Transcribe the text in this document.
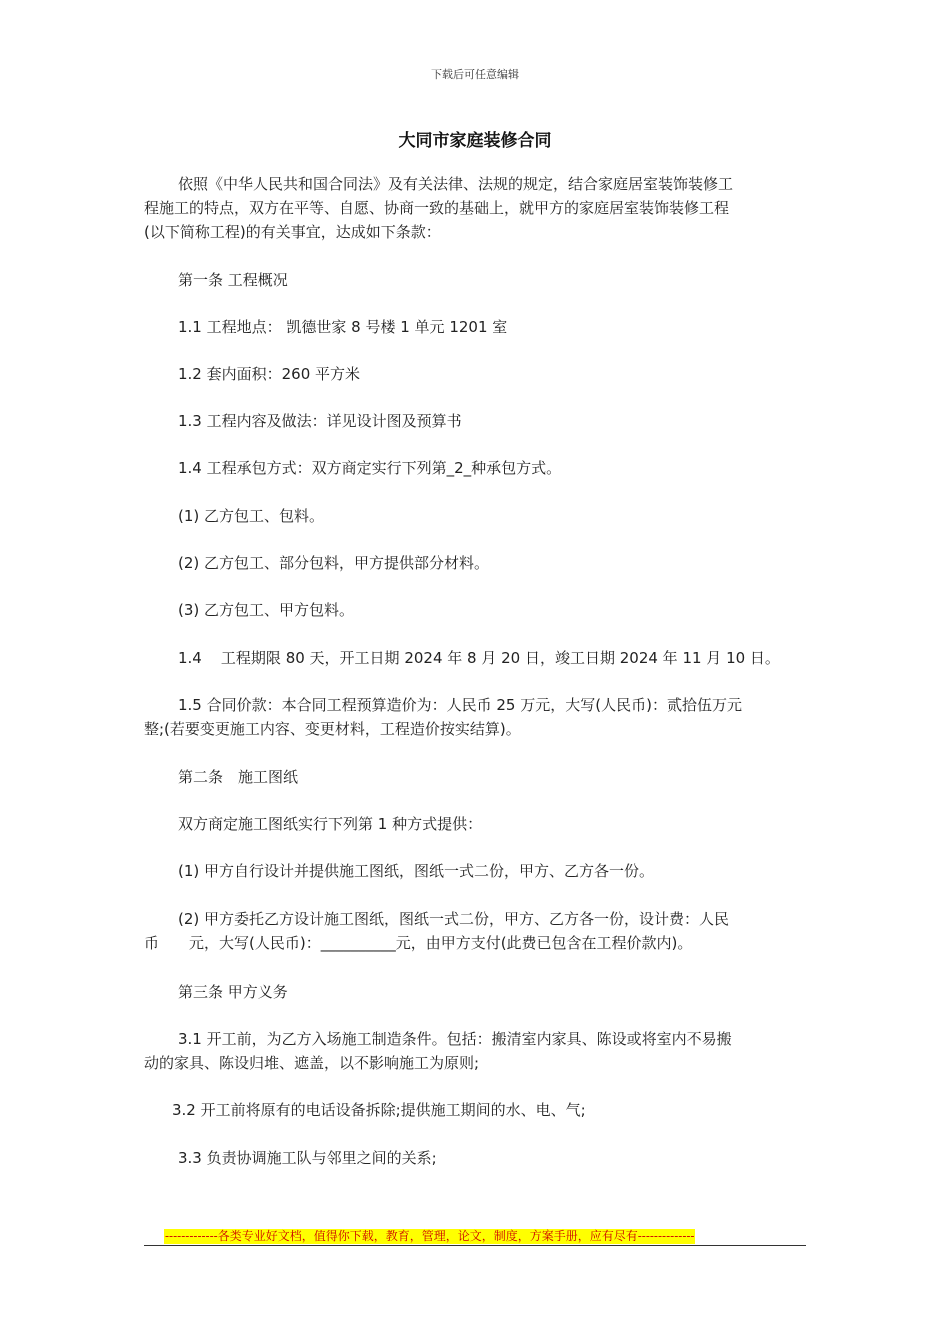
下载后可任意编辑
大同市家庭装修合同
依照《中华人民共和国合同法》及有关法律、法规的规定，结合家庭居室装饰装修工
程施工的特点，双方在平等、自愿、协商一致的基础上，就甲方的家庭居室装饰装修工程
(以下简称工程)的有关事宜，达成如下条款：
第一条 工程概况
1.1 工程地点： 凯德世家 8 号楼 1 单元 1201 室
1.2 套内面积：260 平方米
1.3 工程内容及做法：详见设计图及预算书
1.4 工程承包方式：双方商定实行下列第_2_种承包方式。
(1) 乙方包工、包料。
(2) 乙方包工、部分包料，甲方提供部分材料。
(3) 乙方包工、甲方包料。
1.4    工程期限 80 天，开工日期 2024 年 8 月 20 日，竣工日期 2024 年 11 月 10 日。
1.5 合同价款：本合同工程预算造价为：人民币 25 万元，大写(人民币)：贰拾伍万元
整;(若要变更施工内容、变更材料，工程造价按实结算)。
第二条　施工图纸
双方商定施工图纸实行下列第 1 种方式提供：
(1) 甲方自行设计并提供施工图纸，图纸一式二份，甲方、乙方各一份。
(2) 甲方委托乙方设计施工图纸，图纸一式二份，甲方、乙方各一份，设计费：人民
币　　元，大写(人民币)：__________元，由甲方支付(此费已包含在工程价款内)。
第三条 甲方义务
3.1 开工前，为乙方入场施工制造条件。包括：搬清室内家具、陈设或将室内不易搬
动的家具、陈设归堆、遮盖，以不影响施工为原则;
3.2 开工前将原有的电话设备拆除;提供施工期间的水、电、气;
3.3 负责协调施工队与邻里之间的关系;
-------------各类专业好文档，值得你下载，教育，管理，论文，制度，方案手册，应有尽有--------------
